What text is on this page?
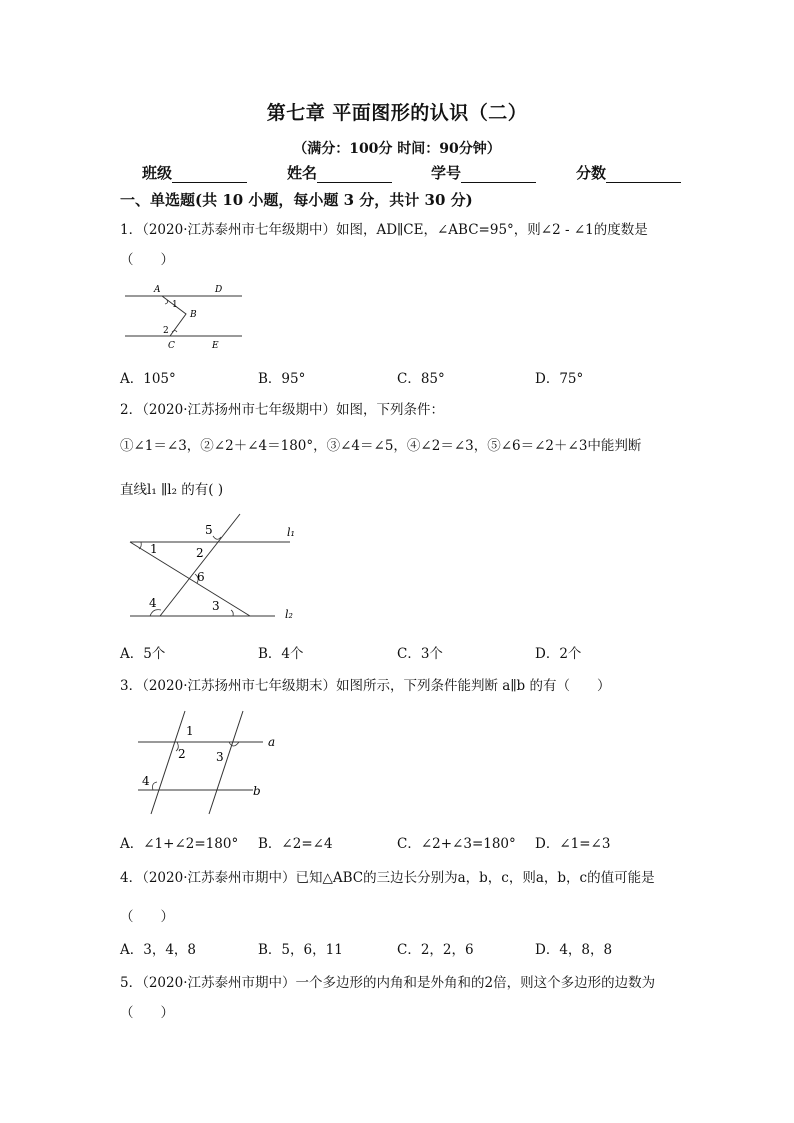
第七章 平面图形的认识（二）
（满分：100分 时间：90分钟）
班级	姓名	学号	分数
一、单选题(共 10 小题，每小题 3 分，共计 30 分)
1．（2020·江苏泰州市七年级期中）如图，AD∥CE，∠ABC=95°，则∠2 - ∠1的度数是
（　　）
A	D
1
B
2
C	E
A．105°	B．95°	C．85°	D．75°
2．（2020·江苏扬州市七年级期中）如图，下列条件：
①∠1＝∠3，②∠2＋∠4＝180°，③∠4＝∠5，④∠2＝∠3，⑤∠6＝∠2＋∠3中能判断
直线l₁ ∥l₂ 的有( )
5	l₁
1	2
6
4	3
l₂
A．5个	B．4个	C．3个	D．2个
3．（2020·江苏扬州市七年级期末）如图所示，下列条件能判断 a∥b 的有（　　）
1
2	3
a
4
b
A．∠1+∠2=180° B．∠2=∠4	C．∠2+∠3=180° D．∠1=∠3
4．（2020·江苏泰州市期中）已知△ABC的三边长分别为a，b，c，则a，b，c的值可能是
（　　）
A．3，4，8	B．5，6，11	C．2，2，6	D．4，8，8
5．（2020·江苏泰州市期中）一个多边形的内角和是外角和的2倍，则这个多边形的边数为
（　　）
